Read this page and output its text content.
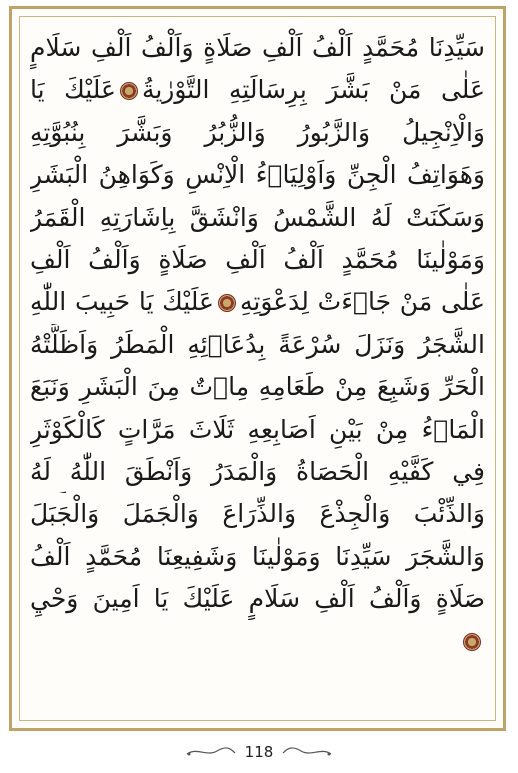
سَيِّدِنَا مُحَمَّدٍ اَلْفُ اَلْفِ صَلَاةٍ وَاَلْفُ اَلْفِ سَلَامٍ
عَلٰى مَنْ بَشَّرَ بِرِسَالَتِهِ التَّوْرٰيةُعَلَيْكَ يَا
وَالْاِنْجِيلُ وَالزَّبُورُ وَالزُّبُرُ وَبَشَّرَ بِنُبُوَّتِهِ
وَهَوَاتِفُ الْجِنِّ وَاَوْلِيَاۤءُ الْاِنْسِ وَكَوَاهِنُ الْبَشَرِ
وَسَكَنَتْ لَهُ الشَّمْسُ وَانْشَقَّ بِاِشَارَتِهِ الْقَمَرُ
وَمَوْلٰينَا مُحَمَّدٍ اَلْفُ اَلْفِ صَلَاةٍ وَاَلْفُ اَلْفِ
عَلٰى مَنْ جَاۤءَتْ لِدَعْوَتِهِعَلَيْكَ يَا حَبِيبَ اللّٰهِ
الشَّجَرُ وَنَزَلَ سُرْعَةً بِدُعَاۤئِهِ الْمَطَرُ وَاَظَلَّتْهُ
الْحَرِّ وَشَبِعَ مِنْ طَعَامِهِ مِاۤتٌ مِنَ الْبَشَرِ وَنَبَعَ
الْمَاۤءُ مِنْ بَيْنِ اَصَابِعِهِ ثَلَاثَ مَرَّاتٍ كَالْكَوْثَرِ
فِي كَفَّيْهِ الْحَصَاةُ وَالْمَدَرُ وَاَنْطَقَ اللّٰهُ لَهُ
وَالذِّئْبَ وَالْجِذْعَ وَالذِّرَاعَ وَالْجَمَلَ وَالْجَبَلَ
وَالشَّجَرَ سَيِّدِنَا وَمَوْلٰينَا وَشَفِيعِنَا مُحَمَّدٍ اَلْفُ
صَلَاةٍ وَاَلْفُ اَلْفِ سَلَامٍ عَلَيْكَ يَا اَمِينَ وَحْيِ
118
